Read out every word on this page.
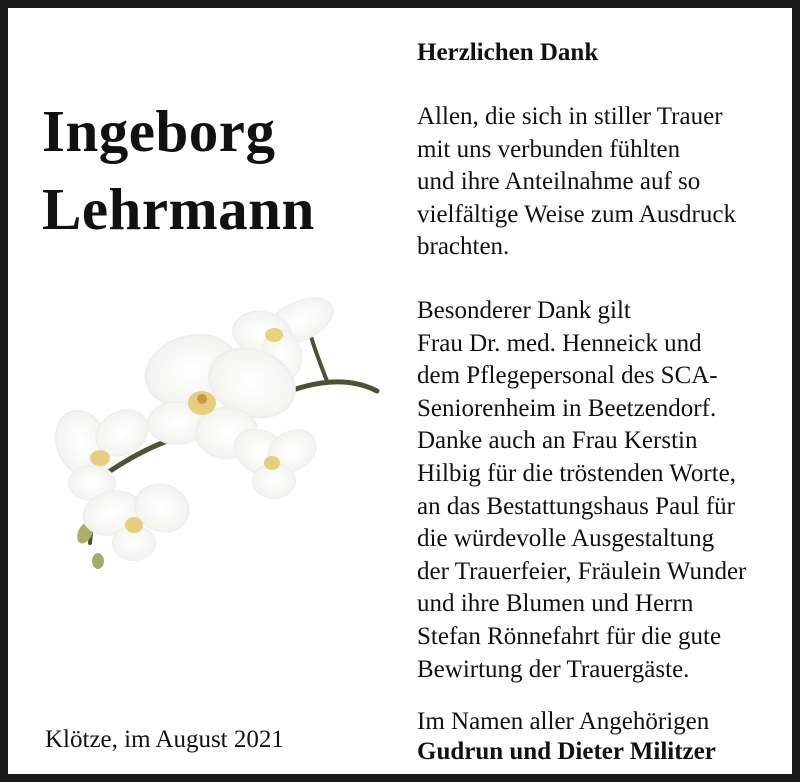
Ingeborg
Lehrmann
Klötze, im August 2021
Herzlichen Dank

Allen, die sich in stiller Trauer
mit uns verbunden fühlten
und ihre Anteilnahme auf so
vielfältige Weise zum Ausdruck
brachten.

Besonderer Dank gilt
Frau Dr. med. Henneick und
dem Pflegepersonal des SCA-
Seniorenheim in Beetzendorf.
Danke auch an Frau Kerstin
Hilbig für die tröstenden Worte,
an das Bestattungshaus Paul für
die würdevolle Ausgestaltung
der Trauerfeier, Fräulein Wunder
und ihre Blumen und Herrn
Stefan Rönnefahrt für die gute
Bewirtung der Trauergäste.

Im Namen aller Angehörigen
Gudrun und Dieter Militzer
